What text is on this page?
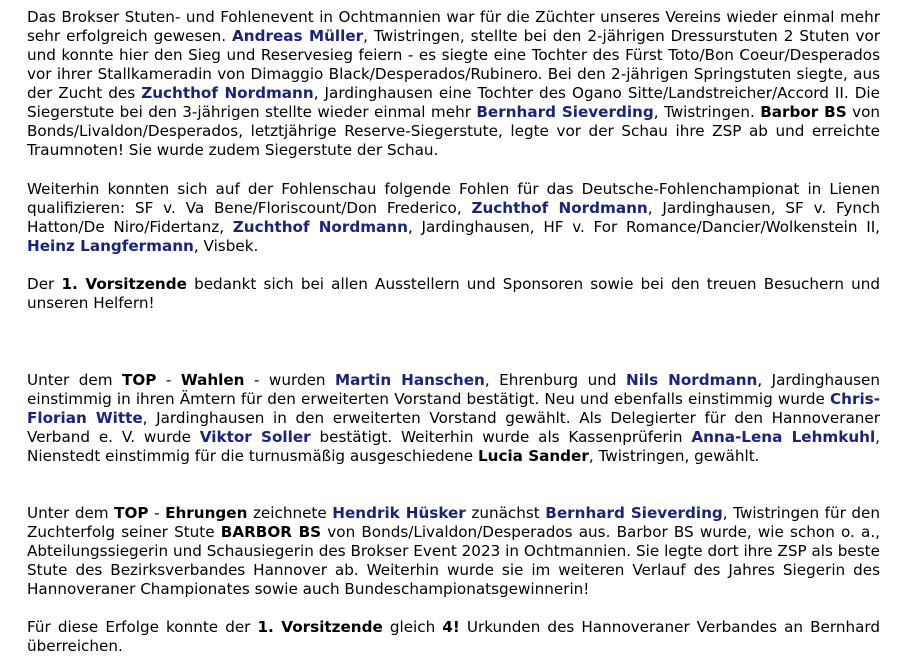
Das Brokser Stuten- und Fohlenevent in Ochtmannien war für die Züchter unseres Vereins wieder einmal mehr sehr erfolgreich gewesen. Andreas Müller, Twistringen, stellte bei den 2-jährigen Dressurstuten 2 Stuten vor und konnte hier den Sieg und Reservesieg feiern - es siegte eine Tochter des Fürst Toto/Bon Coeur/Desperados vor ihrer Stallkameradin von Dimaggio Black/Desperados/Rubinero. Bei den 2-jährigen Springstuten siegte, aus der Zucht des Zuchthof Nordmann, Jardinghausen eine Tochter des Ogano Sitte/Landstreicher/Accord II. Die Siegerstute bei den 3-jährigen stellte wieder einmal mehr Bernhard Sieverding, Twistringen. Barbor BS von Bonds/Livaldon/Desperados, letztjährige Reserve-Siegerstute, legte vor der Schau ihre ZSP ab und erreichte Traumnoten! Sie wurde zudem Siegerstute der Schau.

Weiterhin konnten sich auf der Fohlenschau folgende Fohlen für das Deutsche-Fohlenchampionat in Lienen qualifizieren: SF v. Va Bene/Floriscount/Don Frederico, Zuchthof Nordmann, Jardinghausen, SF v. Fynch Hatton/De Niro/Fidertanz, Zuchthof Nordmann, Jardinghausen, HF v. For Romance/Dancier/Wolkenstein II, Heinz Langfermann, Visbek.

Der 1. Vorsitzende bedankt sich bei allen Ausstellern und Sponsoren sowie bei den treuen Besuchern und unseren Helfern!

Unter dem TOP - Wahlen - wurden Martin Hanschen, Ehrenburg und Nils Nordmann, Jardinghausen einstimmig in ihren Ämtern für den erweiterten Vorstand bestätigt. Neu und ebenfalls einstimmig wurde Chris-Florian Witte, Jardinghausen in den erweiterten Vorstand gewählt. Als Delegierter für den Hannoveraner Verband e. V. wurde Viktor Soller bestätigt. Weiterhin wurde als Kassenprüferin Anna-Lena Lehmkuhl, Nienstedt einstimmig für die turnusmäßig ausgeschiedene Lucia Sander, Twistringen, gewählt.

Unter dem TOP - Ehrungen zeichnete Hendrik Hüsker zunächst Bernhard Sieverding, Twistringen für den Zuchterfolg seiner Stute BARBOR BS von Bonds/Livaldon/Desperados aus. Barbor BS wurde, wie schon o. a., Abteilungssiegerin und Schausiegerin des Brokser Event 2023 in Ochtmannien. Sie legte dort ihre ZSP als beste Stute des Bezirksverbandes Hannover ab. Weiterhin wurde sie im weiteren Verlauf des Jahres Siegerin des Hannoveraner Championates sowie auch Bundeschampionatsgewinnerin!

Für diese Erfolge konnte der 1. Vorsitzende gleich 4! Urkunden des Hannoveraner Verbandes an Bernhard überreichen.
